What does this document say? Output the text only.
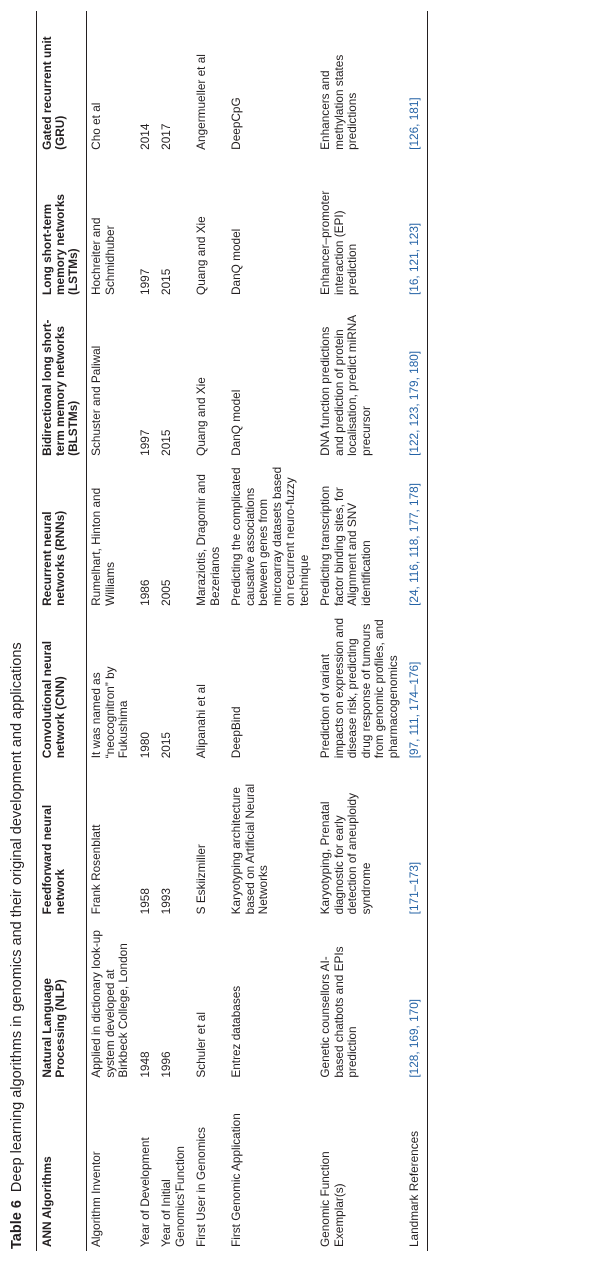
Table 6 Deep learning algorithms in genomics and their original development and applications
ANN Algorithms	Natural Language Processing (NLP)	Feedforward neural network	Convolutional neural network (CNN)	Recurrent neural networks (RNNs)	Bidirectional long short-term memory networks (BLSTMs)	Long short-term memory networks (LSTMs)	Gated recurrent unit (GRU)
Algorithm Inventor	Applied in dictionary look-up system developed at Birkbeck College, London	Frank Rosenblatt	It was named as “neocognitron” by Fukushima	Rumelhart, Hinton and Williams	Schuster and Paliwal	Hochreiter and Schmidhuber	Cho et al
Year of Development	1948	1958	1980	1986	1997	1997	2014
Year of Initial Genomics’Function	1996	1993	2015	2005	2015	2015	2017
First User in Genomics	Schuler et al	S Eskiizmiller	Alipanahi et al	Maraziotis, Dragomir and Bezerianos	Quang and Xie	Quang and Xie	Angermueller et al
First Genomic Application	Entrez databases	Karyotyping architecture based on Artificial Neural Networks	DeepBind	Predicting the complicated causative associations between genes from microarray datasets based on recurrent neuro-fuzzy technique	DanQ model	DanQ model	DeepCpG
Genomic Function Exemplar(s)	Genetic counsellors AI-based chatbots and EPIs prediction	Karyotyping, Prenatal diagnostic for early detection of aneuploidy syndrome	Prediction of variant impacts on expression and disease risk, predicting drug response of tumours from genomic profiles, and pharmacogenomics	Predicting transcription factor binding sites, for Alignment and SNV identification	DNA function predictions and prediction of protein localisation, predict miRNA precursor	Enhancer–promoter interaction (EPI) prediction	Enhancers and methylation states predictions
Landmark References	[128, 169, 170]	[171–173]	[97, 111, 174–176]	[24, 116, 118, 177, 178]	[122, 123, 179, 180]	[16, 121, 123]	[126, 181]
